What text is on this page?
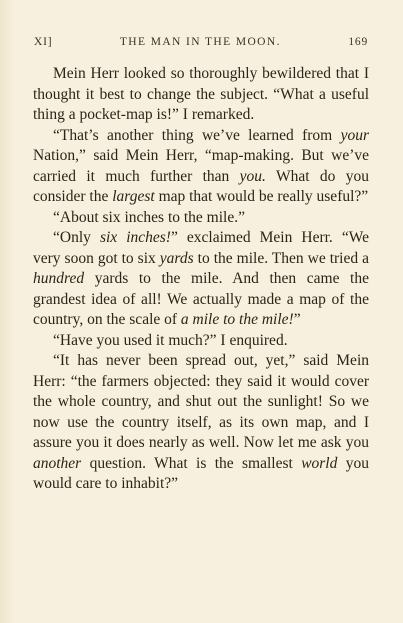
XI]	THE MAN IN THE MOON.	169

Mein Herr looked so thoroughly bewildered that I thought it best to change the subject. “What a useful thing a pocket-map is!” I remarked.

“That’s another thing we’ve learned from your Nation,” said Mein Herr, “map-making. But we’ve carried it much further than you. What do you consider the largest map that would be really useful?”

“About six inches to the mile.”

“Only six inches!” exclaimed Mein Herr. “We very soon got to six yards to the mile. Then we tried a hundred yards to the mile. And then came the grandest idea of all! We actually made a map of the country, on the scale of a mile to the mile!”

“Have you used it much?” I enquired.

“It has never been spread out, yet,” said Mein Herr: “the farmers objected: they said it would cover the whole country, and shut out the sunlight! So we now use the country itself, as its own map, and I assure you it does nearly as well. Now let me ask you another question. What is the smallest world you would care to inhabit?”
